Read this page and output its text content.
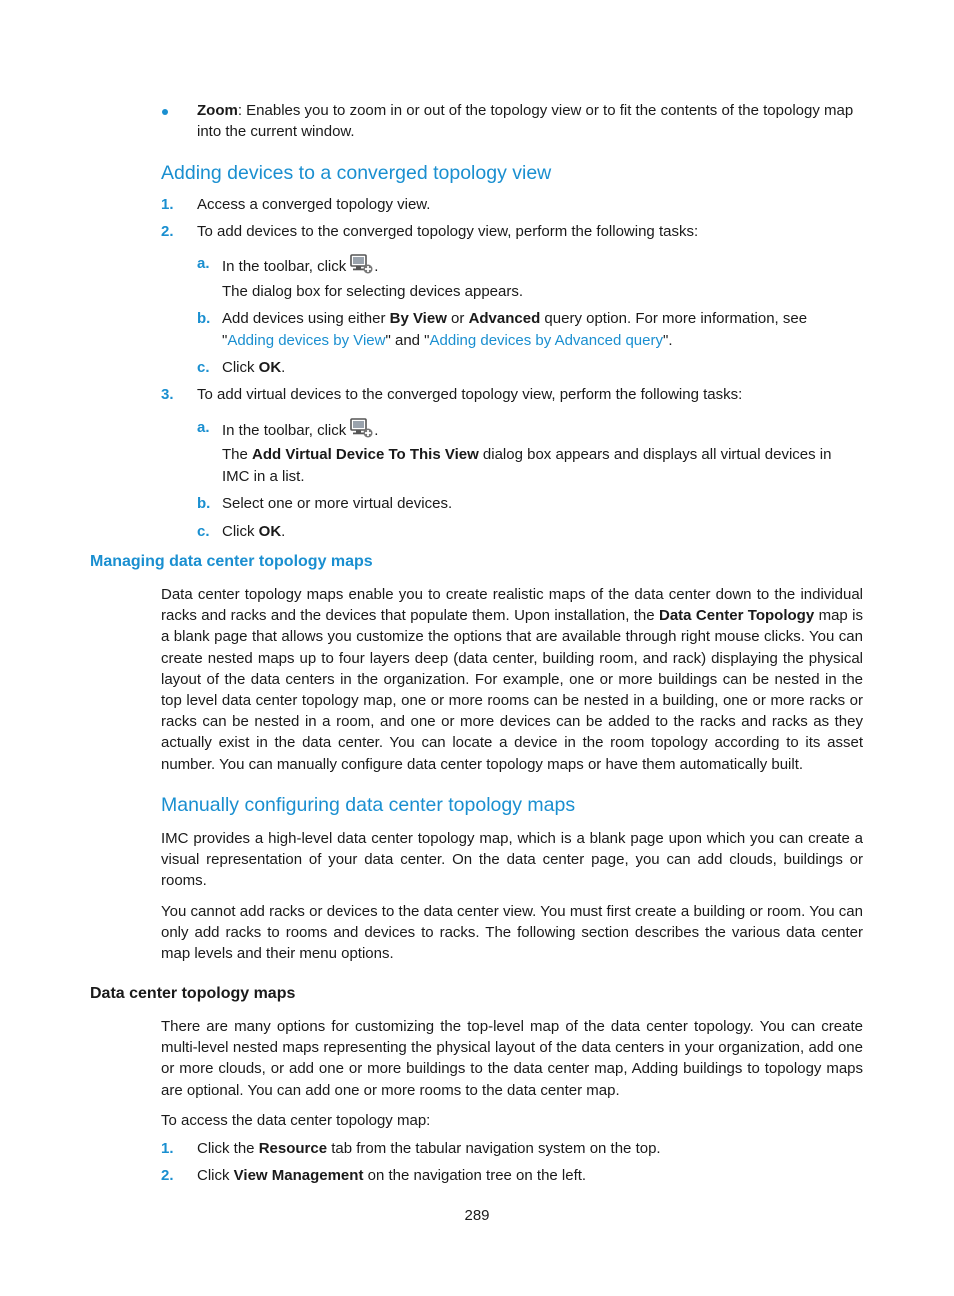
Zoom: Enables you to zoom in or out of the topology view or to fit the contents of the topology map
into the current window.
Adding devices to a converged topology view
1. Access a converged topology view.
2. To add devices to the converged topology view, perform the following tasks:
a. In the toolbar, click .
The dialog box for selecting devices appears.
b. Add devices using either By View or Advanced query option. For more information, see
"Adding devices by View" and "Adding devices by Advanced query".
c. Click OK.
3. To add virtual devices to the converged topology view, perform the following tasks:
a. In the toolbar, click .
The Add Virtual Device To This View dialog box appears and displays all virtual devices in
IMC in a list.
b. Select one or more virtual devices.
c. Click OK.
Managing data center topology maps
Data center topology maps enable you to create realistic maps of the data center down to the individual racks and racks and the devices that populate them. Upon installation, the Data Center Topology map is a blank page that allows you customize the options that are available through right mouse clicks. You can create nested maps up to four layers deep (data center, building room, and rack) displaying the physical layout of the data centers in the organization. For example, one or more buildings can be nested in the top level data center topology map, one or more rooms can be nested in a building, one or more racks or racks can be nested in a room, and one or more devices can be added to the racks and racks as they actually exist in the data center. You can locate a device in the room topology according to its asset number. You can manually configure data center topology maps or have them automatically built.
Manually configuring data center topology maps
IMC provides a high-level data center topology map, which is a blank page upon which you can create a visual representation of your data center. On the data center page, you can add clouds, buildings or rooms.
You cannot add racks or devices to the data center view. You must first create a building or room. You can only add racks to rooms and devices to racks. The following section describes the various data center map levels and their menu options.
Data center topology maps
There are many options for customizing the top-level map of the data center topology. You can create multi-level nested maps representing the physical layout of the data centers in your organization, add one or more clouds, or add one or more buildings to the data center map, Adding buildings to topology maps are optional. You can add one or more rooms to the data center map.
To access the data center topology map:
1. Click the Resource tab from the tabular navigation system on the top.
2. Click View Management on the navigation tree on the left.
289
